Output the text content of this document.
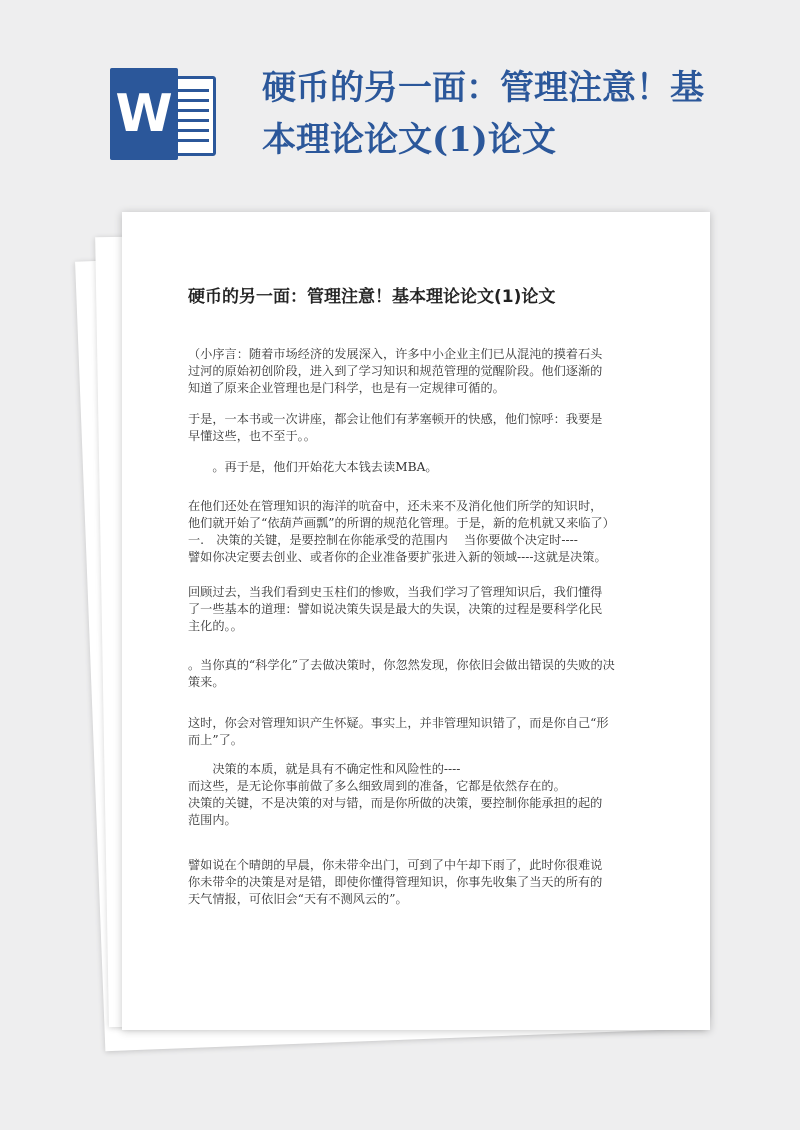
W	硬币的另一面：管理注意！基
本理论论文(1)论文
硬币的另一面：管理注意！基本理论论文(1)论文
（小序言：随着市场经济的发展深入，许多中小企业主们已从混沌的摸着石头
过河的原始初创阶段，进入到了学习知识和规范管理的觉醒阶段。他们逐渐的
知道了原来企业管理也是门科学，也是有一定规律可循的。
于是，一本书或一次讲座，都会让他们有茅塞顿开的快感，他们惊呼：我要是
早懂这些，也不至于。。
　　。再于是，他们开始花大本钱去读MBA。
在他们还处在管理知识的海洋的吭奋中，还未来不及消化他们所学的知识时，
他们就开始了“依葫芦画瓢”的所谓的规范化管理。于是，新的危机就又来临了）
一.　决策的关键，是要控制在你能承受的范围内　 当你要做个决定时----
譬如你决定要去创业、或者你的企业准备要扩张进入新的领域----这就是决策。
回顾过去，当我们看到史玉柱们的惨败，当我们学习了管理知识后，我们懂得
了一些基本的道理：譬如说决策失误是最大的失误，决策的过程是要科学化民
主化的。。
。当你真的“科学化”了去做决策时，你忽然发现，你依旧会做出错误的失败的决
策来。
这时，你会对管理知识产生怀疑。事实上，并非管理知识错了，而是你自己“形
而上”了。
　　决策的本质，就是具有不确定性和风险性的----
而这些，是无论你事前做了多么细致周到的准备，它都是依然存在的。
决策的关键，不是决策的对与错，而是你所做的决策，要控制你能承担的起的
范围内。
譬如说在个晴朗的早晨，你未带伞出门，可到了中午却下雨了，此时你很难说
你未带伞的决策是对是错，即使你懂得管理知识，你事先收集了当天的所有的
天气情报，可依旧会“天有不测风云的”。
